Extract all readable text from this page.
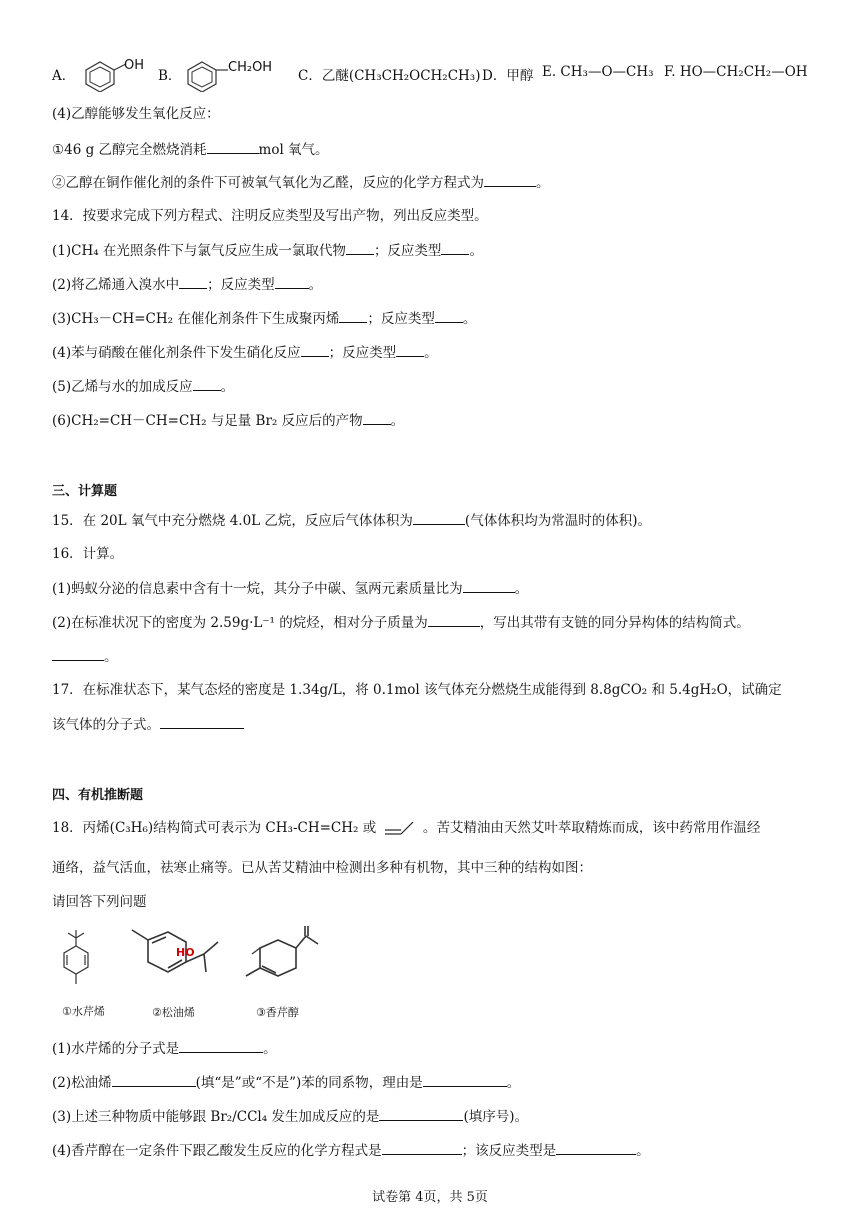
A．
OH
B．
CH₂OH
C．乙醚(CH₃CH₂OCH₂CH₃) D．甲醇 E. CH₃—O—CH₃ F. HO—CH₂CH₂—OH
(4)乙醇能够发生氧化反应：
①46 g 乙醇完全燃烧消耗	mol 氧气。
②乙醇在铜作催化剂的条件下可被氧气氧化为乙醛，反应的化学方程式为	。
14．按要求完成下列方程式、注明反应类型及写出产物，列出反应类型。
(1)CH₄ 在光照条件下与氯气反应生成一氯取代物 ；反应类型 。
(2)将乙烯通入溴水中 ；反应类型	。
(3)CH₃－CH=CH₂ 在催化剂条件下生成聚丙烯 ；反应类型 。
(4)苯与硝酸在催化剂条件下发生硝化反应 ；反应类型 。
(5)乙烯与水的加成反应 。
(6)CH₂=CH－CH=CH₂ 与足量 Br₂ 反应后的产物 。
三、计算题
15．在 20L 氧气中充分燃烧 4.0L 乙烷，反应后气体体积为	(气体体积均为常温时的体积)。
16．计算。
(1)蚂蚁分泌的信息素中含有十一烷，其分子中碳、氢两元素质量比为	。
(2)在标准状况下的密度为 2.59g·L⁻¹ 的烷烃，相对分子质量为	，写出其带有支链的同分异构体的结构简式。
。
17．在标准状态下，某气态烃的密度是 1.34g/L，将 0.1mol 该气体充分燃烧生成能得到 8.8gCO₂ 和 5.4gH₂O，试确定
该气体的分子式。
四、有机推断题
18．丙烯(C₃H₆)结构简式可表示为 CH₃-CH=CH₂ 或	。苦艾精油由天然艾叶萃取精炼而成，该中药常用作温经
通络，益气活血，祛寒止痛等。已从苦艾精油中检测出多种有机物，其中三种的结构如图：
请回答下列问题
HO
①水芹烯	②松油烯	③香芹醇
(1)水芹烯的分子式是	。
(2)松油烯	(填“是”或“不是”)苯的同系物，理由是	。
(3)上述三种物质中能够跟 Br₂/CCl₄ 发生加成反应的是	(填序号)。
(4)香芹醇在一定条件下跟乙酸发生反应的化学方程式是	；该反应类型是	。
试卷第 4页，共 5页
